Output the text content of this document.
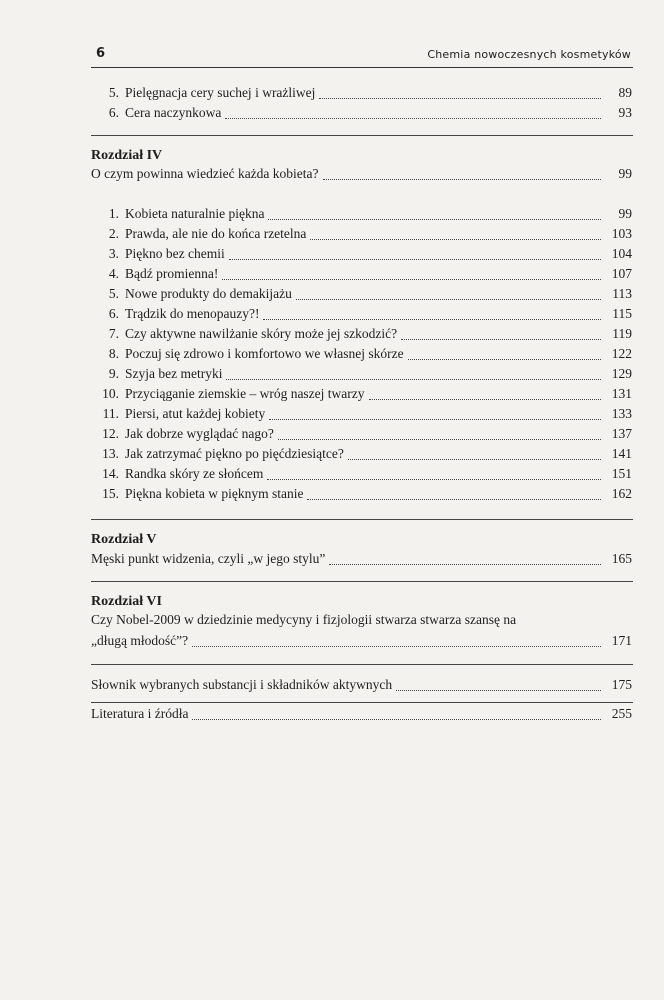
6	Chemia nowoczesnych kosmetyków
5. Pielęgnacja cery suchej i wrażliwej	89
6. Cera naczynkowa	93
Rozdział IV
O czym powinna wiedzieć każda kobieta?	99
1. Kobieta naturalnie piękna	99
2. Prawda, ale nie do końca rzetelna	103
3. Piękno bez chemii	104
4. Bądź promienna!	107
5. Nowe produkty do demakijażu	113
6. Trądzik do menopauzy?!	115
7. Czy aktywne nawilżanie skóry może jej szkodzić?	119
8. Poczuj się zdrowo i komfortowo we własnej skórze	122
9. Szyja bez metryki	129
10. Przyciąganie ziemskie – wróg naszej twarzy	131
11. Piersi, atut każdej kobiety	133
12. Jak dobrze wyglądać nago?	137
13. Jak zatrzymać piękno po pięćdziesiątce?	141
14. Randka skóry ze słońcem	151
15. Piękna kobieta w pięknym stanie	162
Rozdział V
Męski punkt widzenia, czyli „w jego stylu”	165
Rozdział VI
Czy Nobel-2009 w dziedzinie medycyny i fizjologii stwarza stwarza szansę na
„długą młodość”?	171
Słownik wybranych substancji i składników aktywnych	175
Literatura i źródła	255
